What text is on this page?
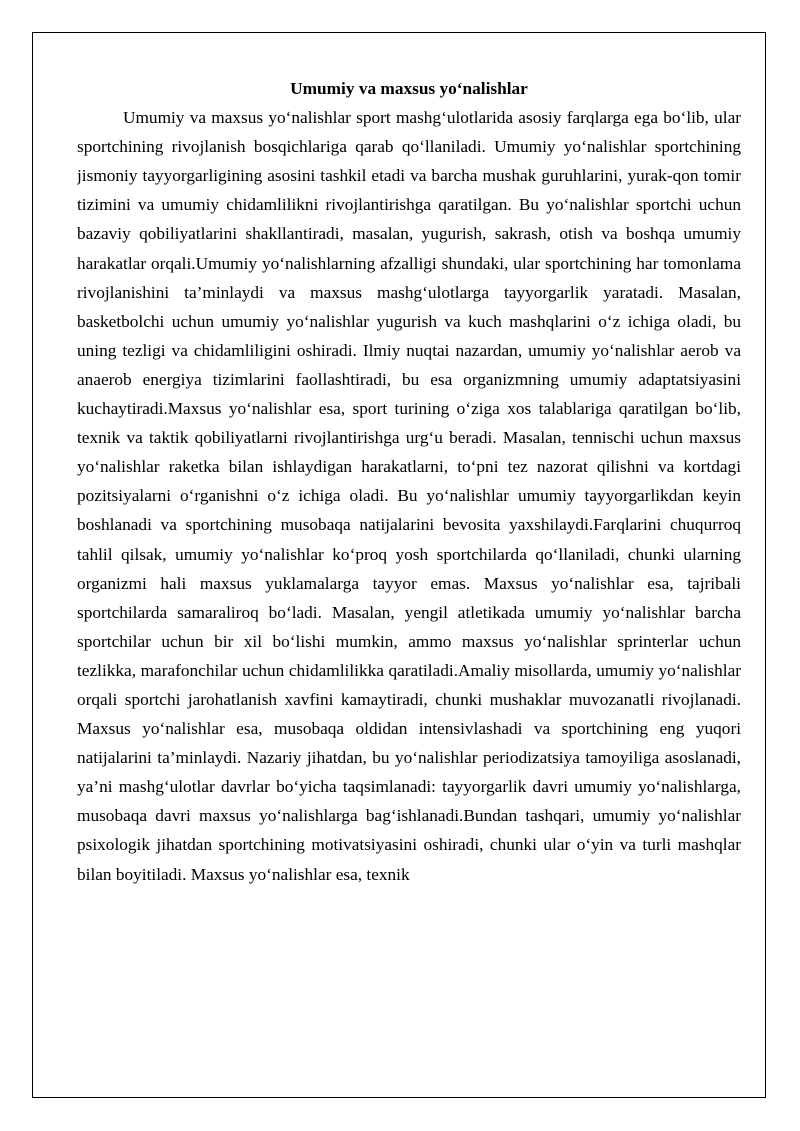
Umumiy va maxsus yo‘nalishlar

Umumiy va maxsus yo‘nalishlar sport mashg‘ulotlarida asosiy farqlarga ega bo‘lib, ular sportchining rivojlanish bosqichlariga qarab qo‘llaniladi. Umumiy yo‘nalishlar sportchining jismoniy tayyorgarligining asosini tashkil etadi va barcha mushak guruhlarini, yurak-qon tomir tizimini va umumiy chidamlilikni rivojlantirishga qaratilgan. Bu yo‘nalishlar sportchi uchun bazaviy qobiliyatlarini shakllantiradi, masalan, yugurish, sakrash, otish va boshqa umumiy harakatlar orqali.Umumiy yo‘nalishlarning afzalligi shundaki, ular sportchining har tomonlama rivojlanishini ta’minlaydi va maxsus mashg‘ulotlarga tayyorgarlik yaratadi. Masalan, basketbolchi uchun umumiy yo‘nalishlar yugurish va kuch mashqlarini o‘z ichiga oladi, bu uning tezligi va chidamliligini oshiradi. Ilmiy nuqtai nazardan, umumiy yo‘nalishlar aerob va anaerob energiya tizimlarini faollashtiradi, bu esa organizmning umumiy adaptatsiyasini kuchaytiradi.Maxsus yo‘nalishlar esa, sport turining o‘ziga xos talablariga qaratilgan bo‘lib, texnik va taktik qobiliyatlarni rivojlantirishga urg‘u beradi. Masalan, tennischi uchun maxsus yo‘nalishlar raketka bilan ishlaydigan harakatlarni, to‘pni tez nazorat qilishni va kortdagi pozitsiyalarni o‘rganishni o‘z ichiga oladi. Bu yo‘nalishlar umumiy tayyorgarlikdan keyin boshlanadi va sportchining musobaqa natijalarini bevosita yaxshilaydi.Farqlarini chuqurroq tahlil qilsak, umumiy yo‘nalishlar ko‘proq yosh sportchilarda qo‘llaniladi, chunki ularning organizmi hali maxsus yuklamalarga tayyor emas. Maxsus yo‘nalishlar esa, tajribali sportchilarda samaraliroq bo‘ladi. Masalan, yengil atletikada umumiy yo‘nalishlar barcha sportchilar uchun bir xil bo‘lishi mumkin, ammo maxsus yo‘nalishlar sprinterlar uchun tezlikka, marafonchilar uchun chidamlilikka qaratiladi.Amaliy misollarda, umumiy yo‘nalishlar orqali sportchi jarohatlanish xavfini kamaytiradi, chunki mushaklar muvozanatli rivojlanadi. Maxsus yo‘nalishlar esa, musobaqa oldidan intensivlashadi va sportchining eng yuqori natijalarini ta’minlaydi. Nazariy jihatdan, bu yo‘nalishlar periodizatsiya tamoyiliga asoslanadi, ya’ni mashg‘ulotlar davrlar bo‘yicha taqsimlanadi: tayyorgarlik davri umumiy yo‘nalishlarga, musobaqa davri maxsus yo‘nalishlarga bag‘ishlanadi.Bundan tashqari, umumiy yo‘nalishlar psixologik jihatdan sportchining motivatsiyasini oshiradi, chunki ular o‘yin va turli mashqlar bilan boyitiladi. Maxsus yo‘nalishlar esa, texnik
